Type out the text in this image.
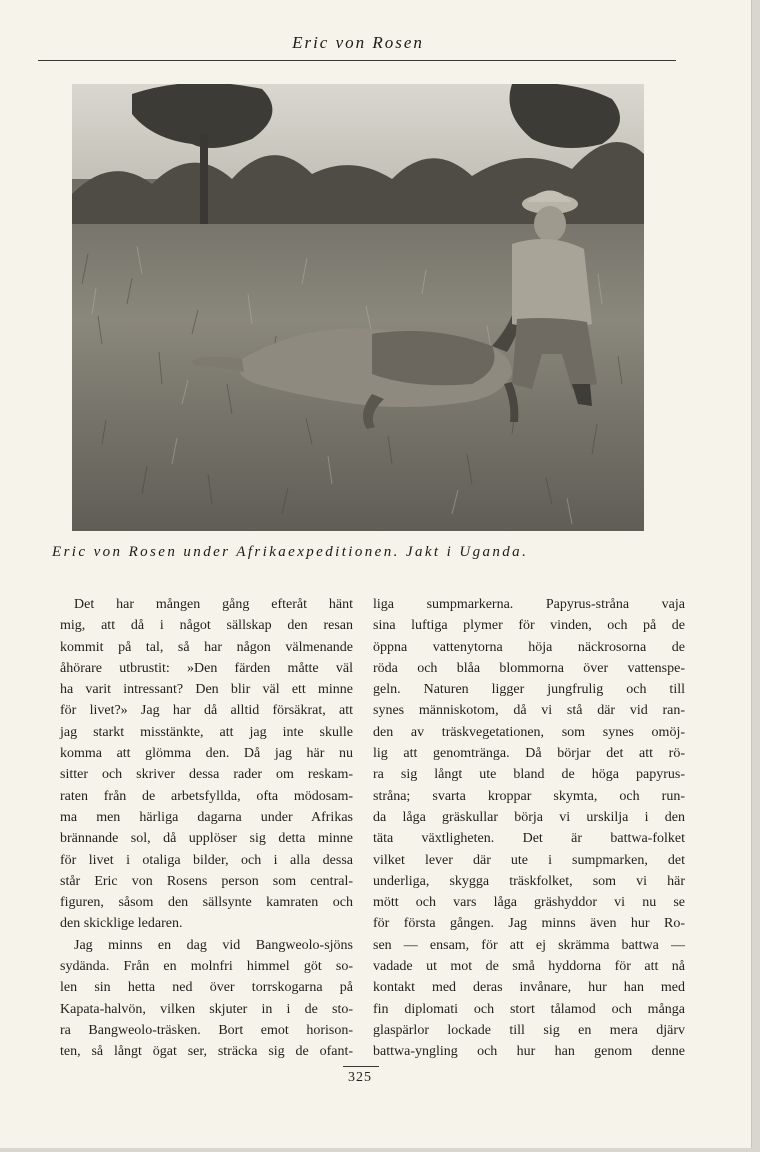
Eric von Rosen
Eric von Rosen under Afrikaexpeditionen. Jakt i Uganda.
Det har mången gång efteråt hänt
mig, att då i något sällskap den resan
kommit på tal, så har någon välmenande
åhörare utbrustit: »Den färden måtte väl
ha varit intressant? Den blir väl ett minne
för livet?» Jag har då alltid försäkrat, att
jag starkt misstänkte, att jag inte skulle
komma att glömma den. Då jag här nu
sitter och skriver dessa rader om reskam-
raten från de arbetsfyllda, ofta mödosam-
ma men härliga dagarna under Afrikas
brännande sol, då upplöser sig detta minne
för livet i otaliga bilder, och i alla dessa
står Eric von Rosens person som central-
figuren, såsom den sällsynte kamraten och
den skicklige ledaren.
Jag minns en dag vid Bangweolo-sjöns
sydända. Från en molnfri himmel göt so-
len sin hetta ned över torrskogarna på
Kapata-halvön, vilken skjuter in i de sto-
ra Bangweolo-träsken. Bort emot horison-
ten, så långt ögat ser, sträcka sig de ofant-
liga sumpmarkerna. Papyrus-stråna vaja
sina luftiga plymer för vinden, och på de
öppna vattenytorna höja näckrosorna de
röda och blåa blommorna över vattenspe-
geln. Naturen ligger jungfrulig och till
synes människotom, då vi stå där vid ran-
den av träskvegetationen, som synes omöj-
lig att genomtränga. Då börjar det att rö-
ra sig långt ute bland de höga papyrus-
stråna; svarta kroppar skymta, och run-
da låga gräskullar börja vi urskilja i den
täta växtligheten. Det är battwa-folket
vilket lever där ute i sumpmarken, det
underliga, skygga träskfolket, som vi här
mött och vars låga gräshyddor vi nu se
för första gången. Jag minns även hur Ro-
sen — ensam, för att ej skrämma battwa —
vadade ut mot de små hyddorna för att nå
kontakt med deras invånare, hur han med
fin diplomati och stort tålamod och många
glaspärlor lockade till sig en mera djärv
battwa-yngling och hur han genom denne
325
